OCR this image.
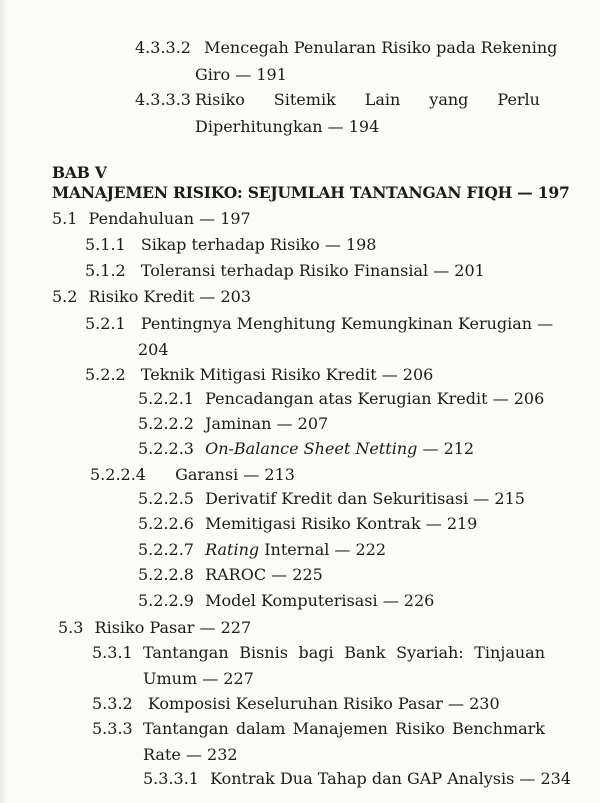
4.3.3.2 Mencegah Penularan Risiko pada Rekening
Giro — 191
4.3.3.3 Risiko Sitemik Lain yang Perlu
Diperhitungkan — 194
BAB V
MANAJEMEN RISIKO: SEJUMLAH TANTANGAN FIQH — 197
5.1 Pendahuluan — 197
5.1.1 Sikap terhadap Risiko — 198
5.1.2 Toleransi terhadap Risiko Finansial — 201
5.2 Risiko Kredit — 203
5.2.1 Pentingnya Menghitung Kemungkinan Kerugian —
204
5.2.2 Teknik Mitigasi Risiko Kredit — 206
5.2.2.1 Pencadangan atas Kerugian Kredit — 206
5.2.2.2 Jaminan — 207
5.2.2.3 On-Balance Sheet Netting — 212
5.2.2.4 Garansi — 213
5.2.2.5 Derivatif Kredit dan Sekuritisasi — 215
5.2.2.6 Memitigasi Risiko Kontrak — 219
5.2.2.7 Rating Internal — 222
5.2.2.8 RAROC — 225
5.2.2.9 Model Komputerisasi — 226
5.3 Risiko Pasar — 227
5.3.1 Tantangan Bisnis bagi Bank Syariah: Tinjauan
Umum — 227
5.3.2 Komposisi Keseluruhan Risiko Pasar — 230
5.3.3 Tantangan dalam Manajemen Risiko Benchmark
Rate — 232
5.3.3.1 Kontrak Dua Tahap dan GAP Analysis — 234
